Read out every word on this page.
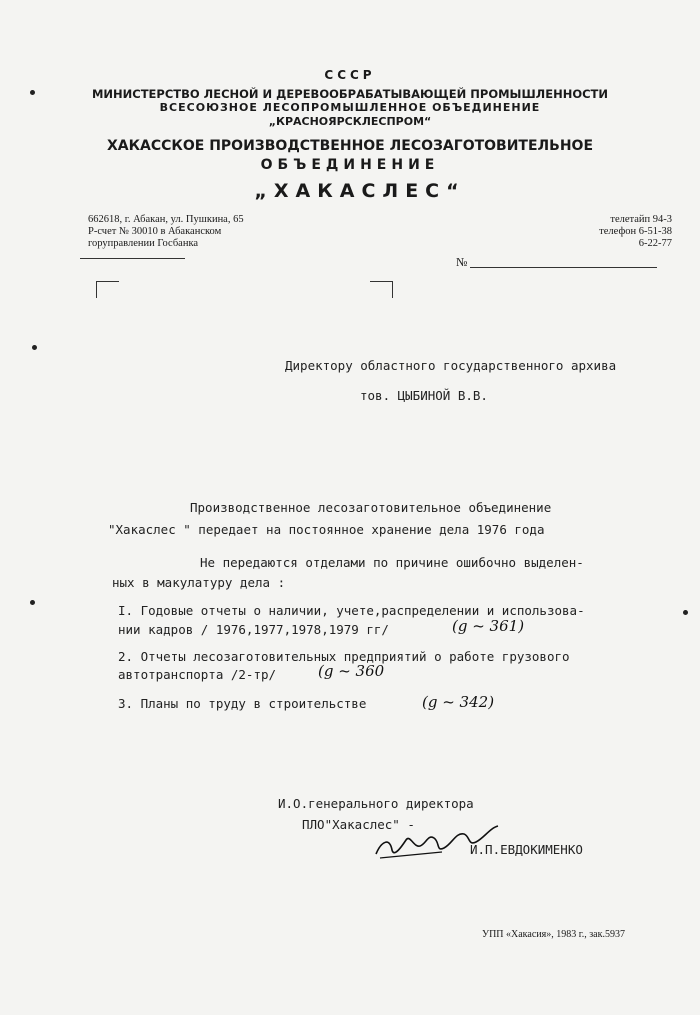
СССР
МИНИСТЕРСТВО ЛЕСНОЙ И ДЕРЕВООБРАБАТЫВАЮЩЕЙ ПРОМЫШЛЕННОСТИ
ВСЕСОЮЗНОЕ ЛЕСОПРОМЫШЛЕННОЕ ОБЪЕДИНЕНИЕ
„КРАСНОЯРСКЛЕСПРОМ“
ХАКАССКОЕ ПРОИЗВОДСТВЕННОЕ ЛЕСОЗАГОТОВИТЕЛЬНОЕ
ОБЪЕДИНЕНИЕ
„ХАКАСЛЕС“
662618, г. Абакан, ул. Пушкина, 65
Р-счет № 30010 в Абаканском
горуправлении Госбанка
телетайп 94-3
телефон 6-51-38
6-22-77
№
Директору областного государственного архива
тов. ЦЫБИНОЙ В.В.
Производственное лесозаготовительное объединение
"Хакаслес " передает на постоянное хранение дела 1976 года
Не передаются отделами по причине ошибочно выделен-
ных в макулатуру дела :
I. Годовые отчеты о наличии, учете,распределении и использова-
нии кадров / 1976,1977,1978,1979 гг/	(g ~ 361)
2. Отчеты лесозаготовительных предприятий о работе грузового
автотранспорта /2-тр/	(g ~ 360
3. Планы по труду в строительстве	(g ~ 342)
И.О.генерального директора
ПЛО"Хакаслес" -
И.П.ЕВДОКИМЕНКО
УПП «Хакасия», 1983 г., зак.5937
